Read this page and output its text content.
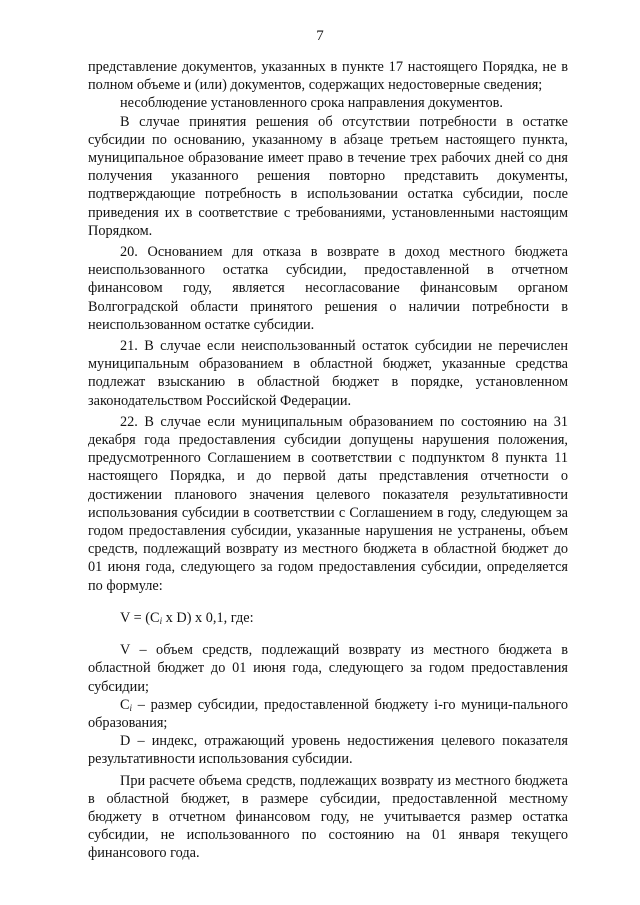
7

представление документов, указанных в пункте 17 настоящего Порядка, не в полном объеме и (или) документов, содержащих недостоверные сведения;

несоблюдение установленного срока направления документов.

В случае принятия решения об отсутствии потребности в остатке субсидии по основанию, указанному в абзаце третьем настоящего пункта, муниципальное образование имеет право в течение трех рабочих дней со дня получения указанного решения повторно представить документы, подтверждающие потребность в использовании остатка субсидии, после приведения их в соответствие с требованиями, установленными настоящим Порядком.

20. Основанием для отказа в возврате в доход местного бюджета неиспользованного остатка субсидии, предоставленной в отчетном финансовом году, является несогласование финансовым органом Волгоградской области принятого решения о наличии потребности в неиспользованном остатке субсидии.

21. В случае если неиспользованный остаток субсидии не перечислен муниципальным образованием в областной бюджет, указанные средства подлежат взысканию в областной бюджет в порядке, установленном законодательством Российской Федерации.

22. В случае если муниципальным образованием по состоянию на 31 декабря года предоставления субсидии допущены нарушения положения, предусмотренного Соглашением в соответствии с подпунктом 8 пункта 11 настоящего Порядка, и до первой даты представления отчетности о достижении планового значения целевого показателя результативности использования субсидии в соответствии с Соглашением в году, следующем за годом предоставления субсидии, указанные нарушения не устранены, объем средств, подлежащий возврату из местного бюджета в областной бюджет до 01 июня года, следующего за годом предоставления субсидии, определяется по формуле:

$V = (C_i$ x D) x 0,1, где:

V – объем средств, подлежащий возврату из местного бюджета в областной бюджет до 01 июня года, следующего за годом предоставления субсидии;

$C_i$ – размер субсидии, предоставленной бюджету i-го муници-пального образования;

D – индекс, отражающий уровень недостижения целевого показателя результативности использования субсидии.

При расчете объема средств, подлежащих возврату из местного бюджета в областной бюджет, в размере субсидии, предоставленной местному бюджету в отчетном финансовом году, не учитывается размер остатка субсидии, не использованного по состоянию на 01 января текущего финансового года.
